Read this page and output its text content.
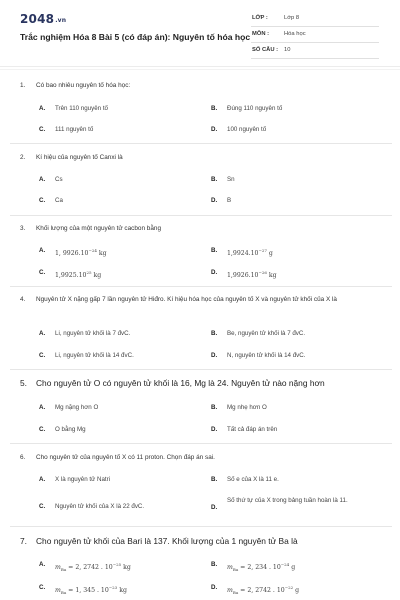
2048.vn
Trắc nghiệm Hóa 8 Bài 5 (có đáp án): Nguyên tố hóa học
LỚP :	Lớp 8
MÔN :	Hóa học
SỐ CÂU : 10
1. Có bao nhiêu nguyên tố hóa học:
A. Trên 110 nguyên tố	B. Đúng 110 nguyên tố
C. 111 nguyên tố	D. 100 nguyên tố
2. Kí hiệu của nguyên tố Canxi là
A. Cs	B. Sn
C. Ca	D. B
3. Khối lượng của một nguyên tử cacbon bằng
A. 1, $9926.10^{-24}$ kg	B. $1,9924.10^{-27}$ g
C. 1,9925.10$^{25}$ kg	D. $1,9926.10^{-26}$ kg
4.	Nguyên tử X nặng gấp 7 lần nguyên tử Hiđro. Kí hiệu hóa học của nguyên tố X và nguyên tử khối của X là
A. Li, nguyên tử khối là 7 đvC.	B. Be, nguyên tử khối là 7 đvC.
C. Li, nguyên tử khối là 14 đvC.	D. N, nguyên tử khối là 14 đvC.
5. Cho nguyên tử O có nguyên tử khối là 16, Mg là 24. Nguyên tử nào nặng hơn
A. Mg nặng hơn O	B. Mg nhẹ hơn O
C. O bằng Mg	D. Tất cả đáp án trên
6. Cho nguyên tử của nguyên tố X có 11 proton. Chọn đáp án sai.
A. X là nguyên tử Natri	B. Số e của X là 11 e.
C. Nguyên tử khối của X là 22 đvC.	D.
Số thứ tự của X trong bảng tuần hoàn là 11.
7. Cho nguyên tử khối của Bari là 137. Khối lượng của 1 nguyên tử Ba là
A. $m_{Ba} = 2$, 2742 . $10^{-25}$ kg	B. $m_{Ba} = 2$, 234 . $10^{-24}$ g
C. $m_{Ba} = 1$, 345 . $10^{-23}$ kg	D. $m_{Ba} = 2$, 2742 . $10^{-22}$ g
